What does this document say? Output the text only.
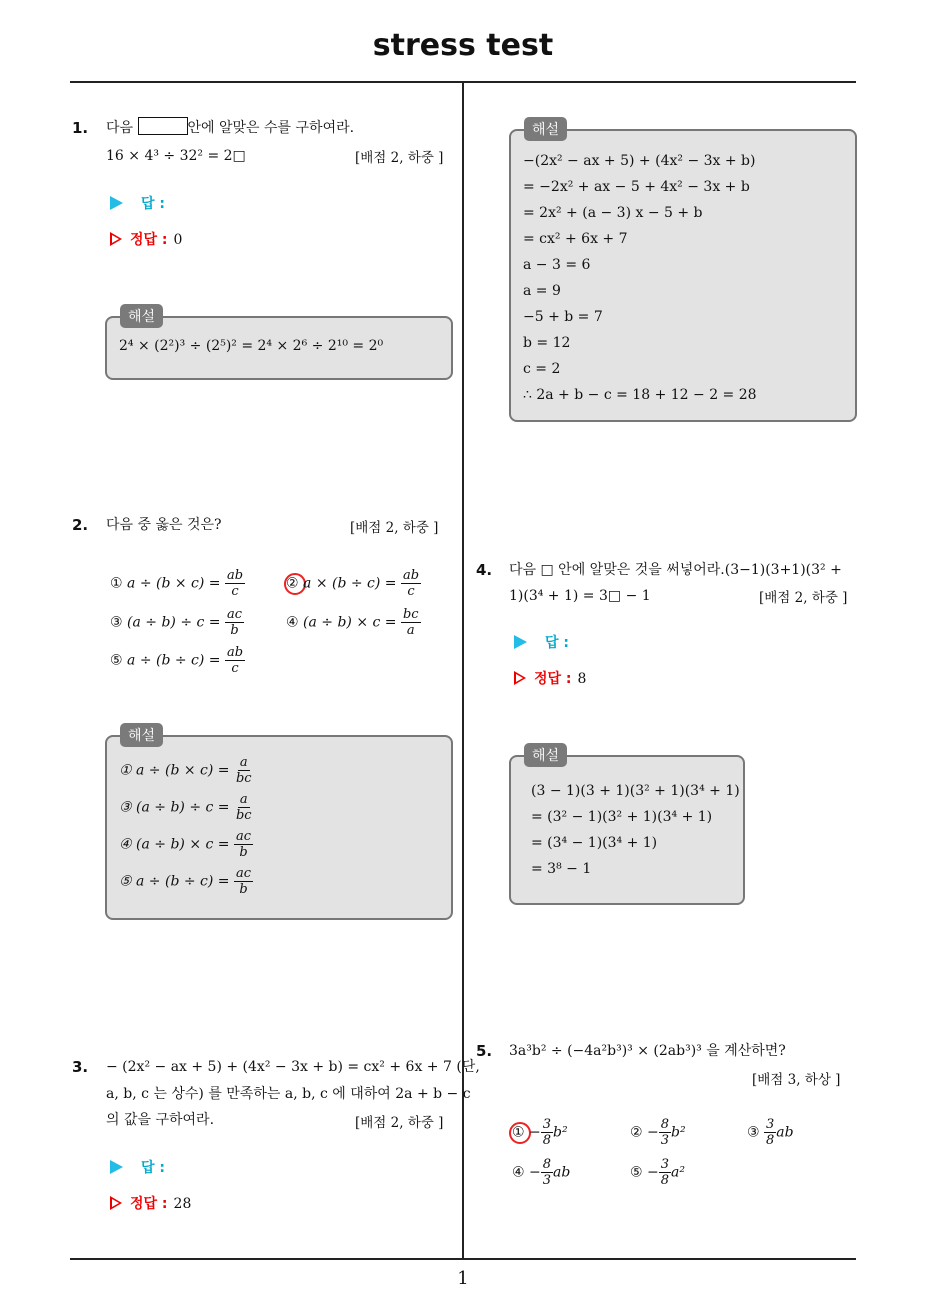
stress test
1. 다음	안에 알맞은 수를 구하여라.
16 × 4³ ÷ 32² = 2□	[배점 2, 하중 ]
답 :
정답 : 0
2⁴ × (2²)³ ÷ (2⁵)² = 2⁴ × 2⁶ ÷ 2¹⁰ = 2⁰
해설
2. 다음 중 옳은 것은?	[배점 2, 하중 ]
① $a \div (b \times c) = \frac{ab}{c}$	② $a \times (b \div c) = \frac{ab}{c}$
③ $(a \div b) \div c = \frac{ac}{b}$	④ $(a \div b) \times c = \frac{bc}{a}$
⑤ $a \div (b \div c) = \frac{ab}{c}$
① $a \div (b \times c) = \frac{a}{bc}$
③ $(a \div b) \div c = \frac{a}{bc}$
④ $(a \div b) \times c = \frac{ac}{b}$
⑤ $a \div (b \div c) = \frac{ac}{b}$
해설
3. − (2x² − ax + 5) + (4x² − 3x + b) = cx² + 6x + 7 (단,
a, b, c 는 상수) 를 만족하는 a, b, c 에 대하여 2a + b − c
의 값을 구하여라.	[배점 2, 하중 ]
답 :
정답 : 28
−(2x² − ax + 5) + (4x² − 3x + b)
= −2x² + ax − 5 + 4x² − 3x + b
= 2x² + (a − 3) x − 5 + b
= cx² + 6x + 7
a − 3 = 6
a = 9
−5 + b = 7
b = 12
c = 2
∴ 2a + b − c = 18 + 12 − 2 = 28
해설
4. 다음 □ 안에 알맞은 것을 써넣어라.(3−1)(3+1)(3² +
1)(3⁴ + 1) = 3□ − 1	[배점 2, 하중 ]
답 :
정답 : 8
(3 − 1)(3 + 1)(3² + 1)(3⁴ + 1)
= (3² − 1)(3² + 1)(3⁴ + 1)
= (3⁴ − 1)(3⁴ + 1)
= 3⁸ − 1
해설
5. 3a³b² ÷ (−4a²b³)³ × (2ab³)³ 을 계산하면?
[배점 3, 하상 ]
① − $\frac{3}{8} b^2$	② − $\frac{8}{3} b^2$	③ $\frac{3}{8}$ ab
④ − $\frac{8}{3}$ ab	⑤ − $\frac{3}{8} a^2$
1
